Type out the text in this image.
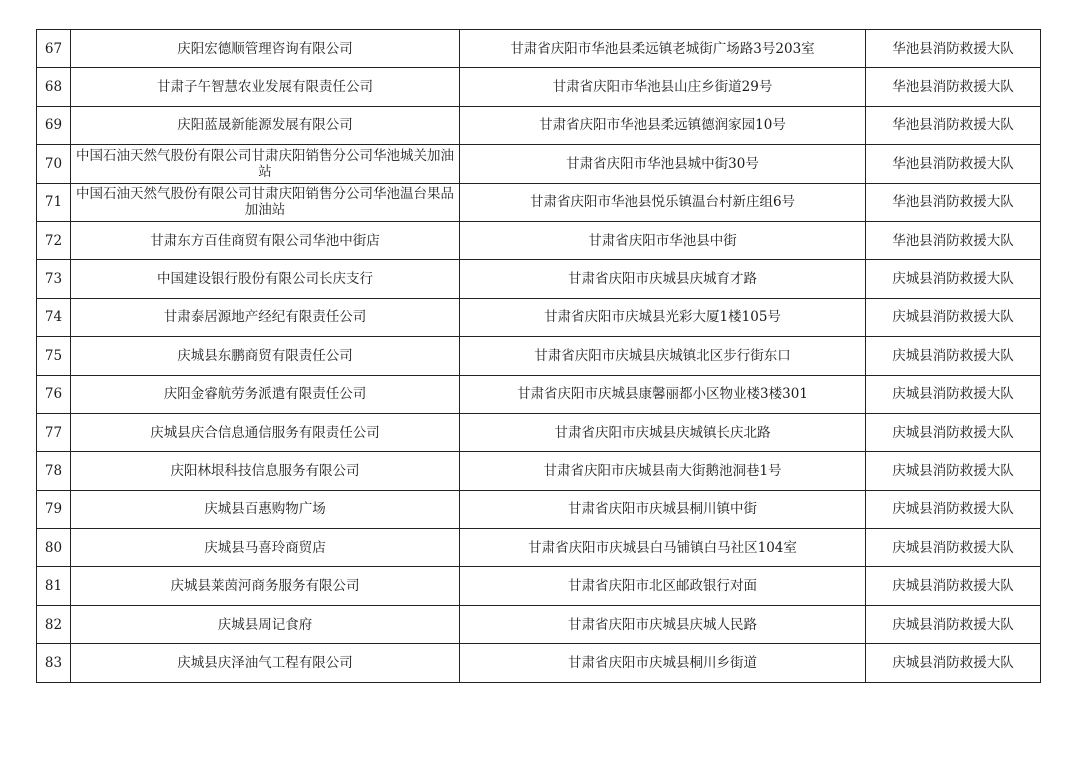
67	庆阳宏德顺管理咨询有限公司	甘肃省庆阳市华池县柔远镇老城街广场路3号203室	华池县消防救援大队
68	甘肃子午智慧农业发展有限责任公司	甘肃省庆阳市华池县山庄乡街道29号	华池县消防救援大队
69	庆阳蓝晟新能源发展有限公司	甘肃省庆阳市华池县柔远镇德润家园10号	华池县消防救援大队
70	中国石油天然气股份有限公司甘肃庆阳销售分公司华池城关加油站	甘肃省庆阳市华池县城中街30号	华池县消防救援大队
71	中国石油天然气股份有限公司甘肃庆阳销售分公司华池温台果品加油站	甘肃省庆阳市华池县悦乐镇温台村新庄组6号	华池县消防救援大队
72	甘肃东方百佳商贸有限公司华池中街店	甘肃省庆阳市华池县中街	华池县消防救援大队
73	中国建设银行股份有限公司长庆支行	甘肃省庆阳市庆城县庆城育才路	庆城县消防救援大队
74	甘肃泰居源地产经纪有限责任公司	甘肃省庆阳市庆城县光彩大厦1楼105号	庆城县消防救援大队
75	庆城县东鹏商贸有限责任公司	甘肃省庆阳市庆城县庆城镇北区步行街东口	庆城县消防救援大队
76	庆阳金睿航劳务派遣有限责任公司	甘肃省庆阳市庆城县康馨丽都小区物业楼3楼301	庆城县消防救援大队
77	庆城县庆合信息通信服务有限责任公司	甘肃省庆阳市庆城县庆城镇长庆北路	庆城县消防救援大队
78	庆阳林垠科技信息服务有限公司	甘肃省庆阳市庆城县南大街鹅池洞巷1号	庆城县消防救援大队
79	庆城县百惠购物广场	甘肃省庆阳市庆城县桐川镇中街	庆城县消防救援大队
80	庆城县马喜玲商贸店	甘肃省庆阳市庆城县白马铺镇白马社区104室	庆城县消防救援大队
81	庆城县莱茵河商务服务有限公司	甘肃省庆阳市北区邮政银行对面	庆城县消防救援大队
82	庆城县周记食府	甘肃省庆阳市庆城县庆城人民路	庆城县消防救援大队
83	庆城县庆泽油气工程有限公司	甘肃省庆阳市庆城县桐川乡街道	庆城县消防救援大队
